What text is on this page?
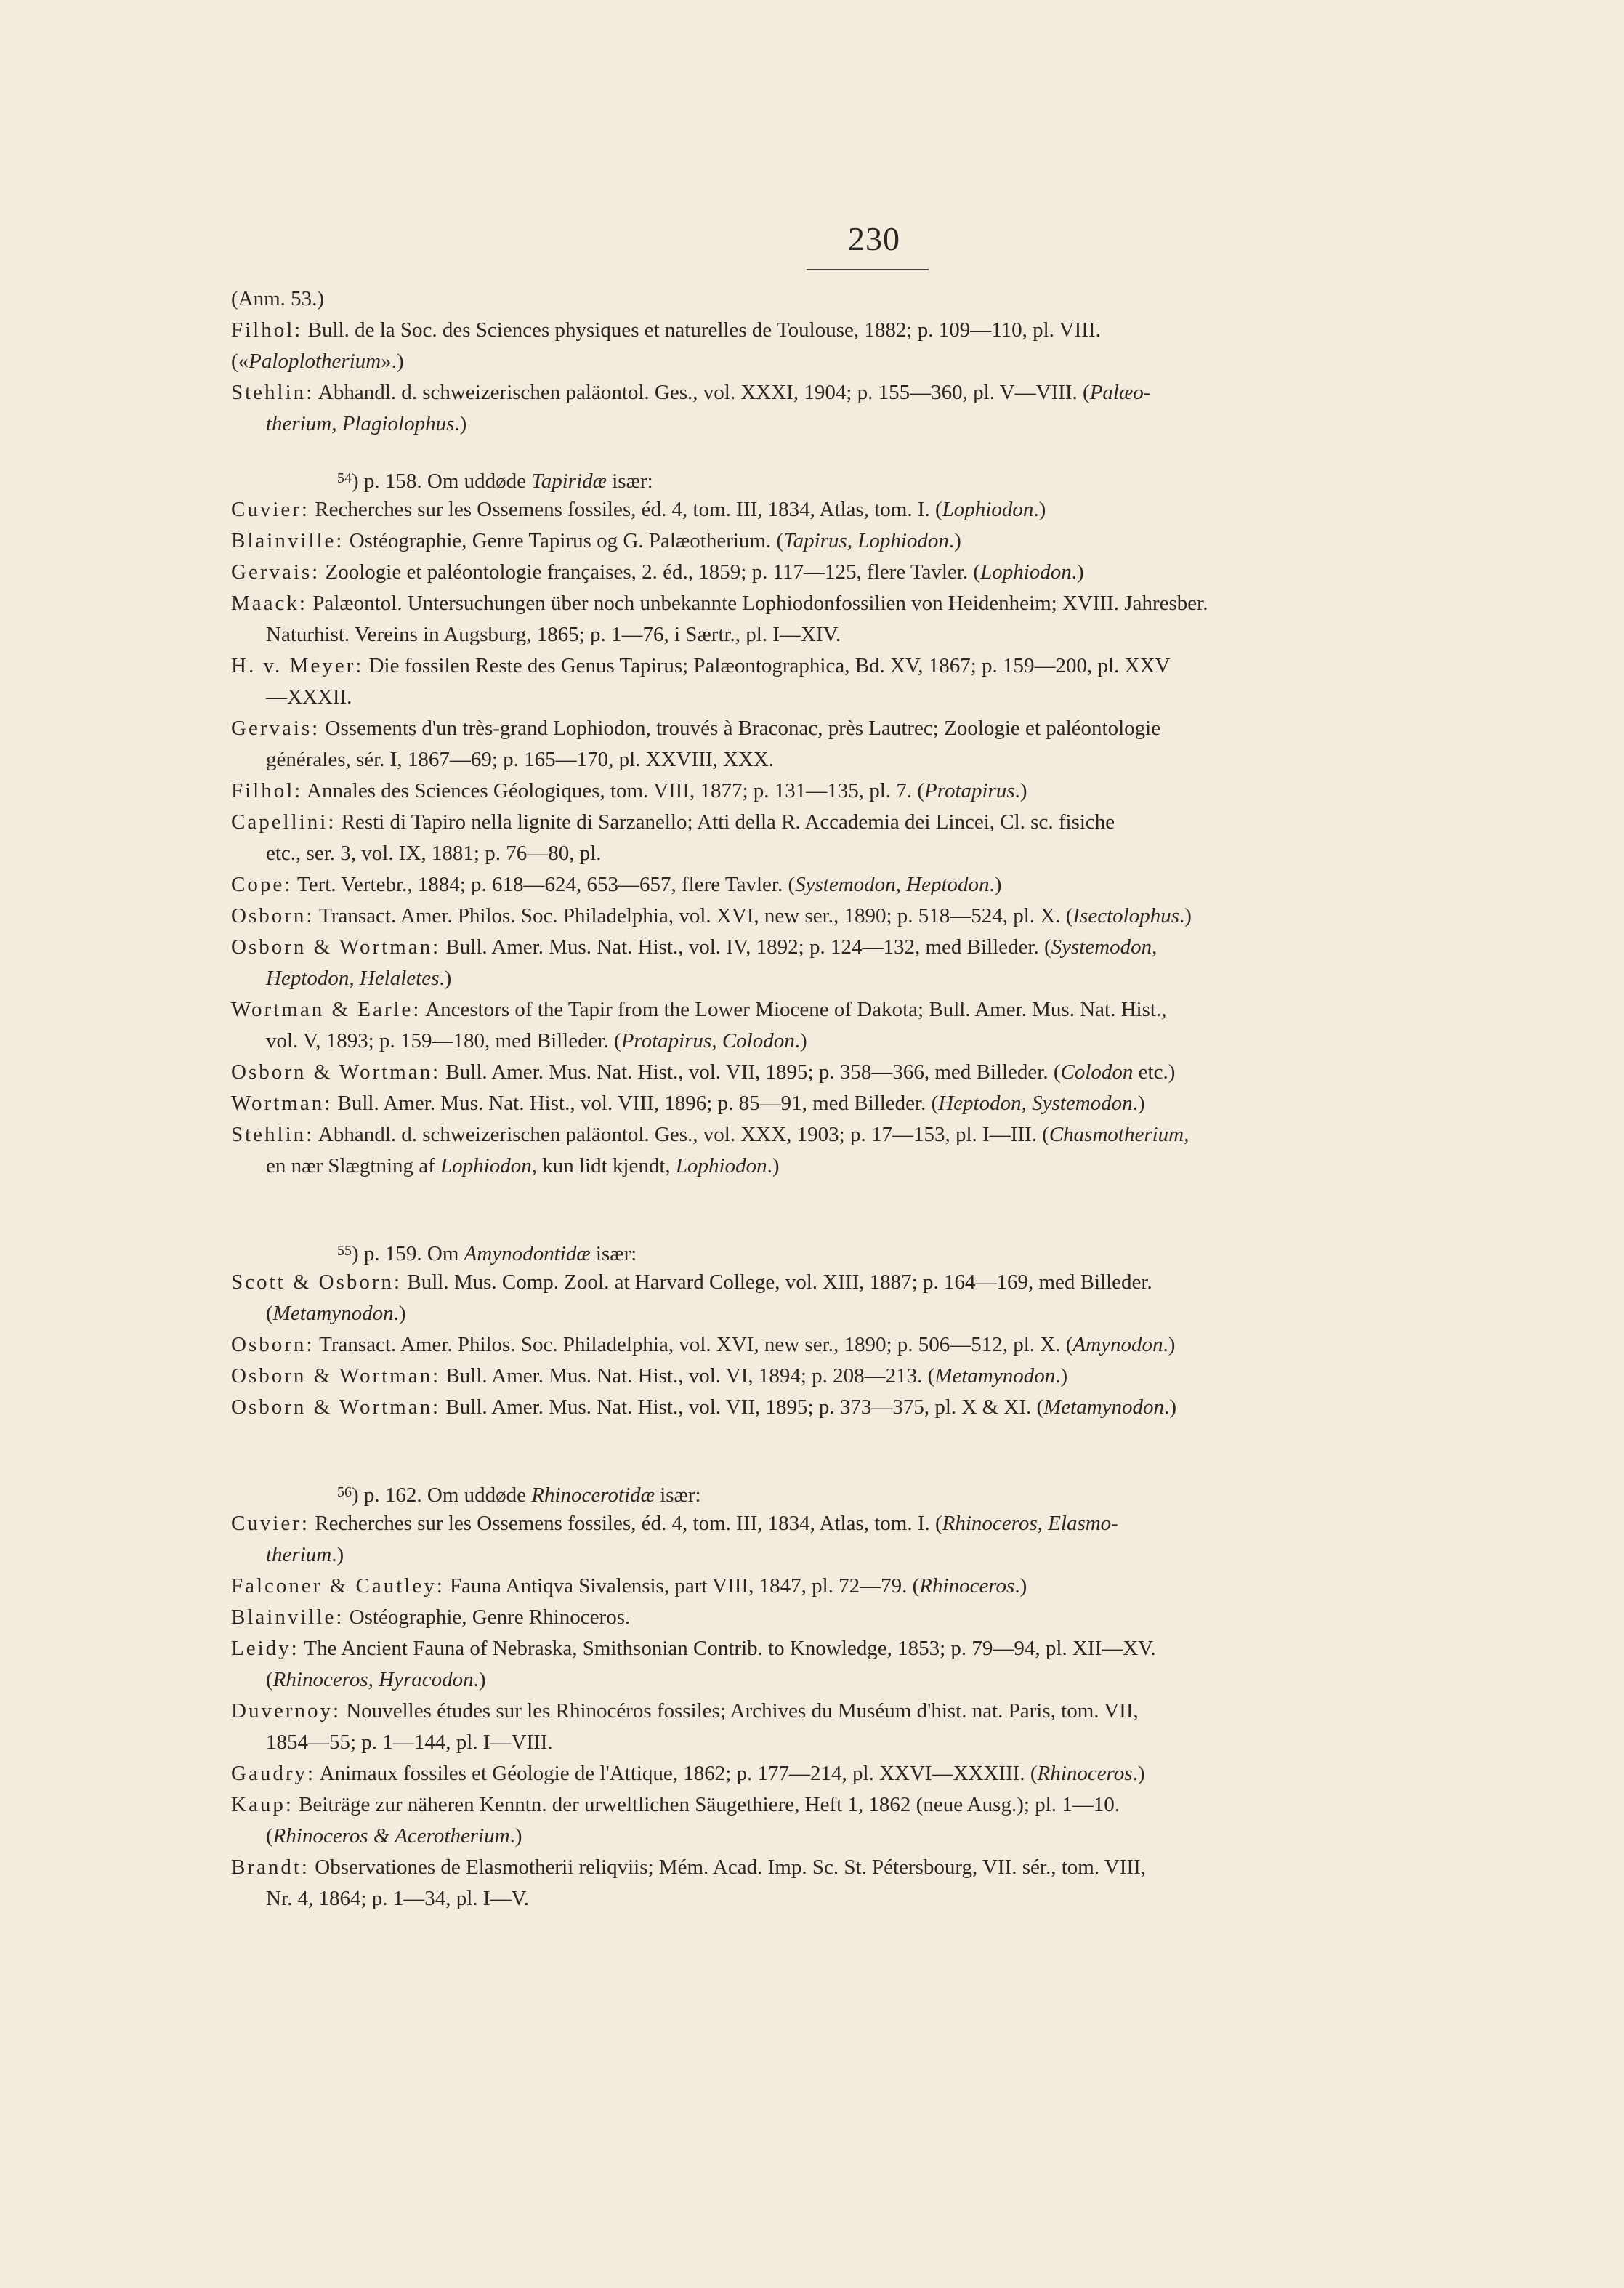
230
(Anm. 53.)
Filhol: Bull. de la Soc. des Sciences physiques et naturelles de Toulouse, 1882; p. 109—110, pl. VIII.
(«Paloplotherium».)
Stehlin: Abhandl. d. schweizerischen paläontol. Ges., vol. XXXI, 1904; p. 155—360, pl. V—VIII. (Palæo-
therium, Plagiolophus.)
$^{54}$) p. 158. Om uddøde Tapiridæ især:
Cuvier: Recherches sur les Ossemens fossiles, éd. 4, tom. III, 1834, Atlas, tom. I. (Lophiodon.)
Blainville: Ostéographie, Genre Tapirus og G. Palæotherium. (Tapirus, Lophiodon.)
Gervais: Zoologie et paléontologie françaises, 2. éd., 1859; p. 117—125, flere Tavler. (Lophiodon.)
Maack: Palæontol. Untersuchungen über noch unbekannte Lophiodonfossilien von Heidenheim; XVIII. Jahresber.
Naturhist. Vereins in Augsburg, 1865; p. 1—76, i Særtr., pl. I—XIV.
H. v. Meyer: Die fossilen Reste des Genus Tapirus; Palæontographica, Bd. XV, 1867; p. 159—200, pl. XXV
—XXXII.
Gervais: Ossements d'un très-grand Lophiodon, trouvés à Braconac, près Lautrec; Zoologie et paléontologie
générales, sér. I, 1867—69; p. 165—170, pl. XXVIII, XXX.
Filhol: Annales des Sciences Géologiques, tom. VIII, 1877; p. 131—135, pl. 7. (Protapirus.)
Capellini: Resti di Tapiro nella lignite di Sarzanello; Atti della R. Accademia dei Lincei, Cl. sc. fisiche
etc., ser. 3, vol. IX, 1881; p. 76—80, pl.
Cope: Tert. Vertebr., 1884; p. 618—624, 653—657, flere Tavler. (Systemodon, Heptodon.)
Osborn: Transact. Amer. Philos. Soc. Philadelphia, vol. XVI, new ser., 1890; p. 518—524, pl. X. (Isectolophus.)
Osborn & Wortman: Bull. Amer. Mus. Nat. Hist., vol. IV, 1892; p. 124—132, med Billeder. (Systemodon,
Heptodon, Helaletes.)
Wortman & Earle: Ancestors of the Tapir from the Lower Miocene of Dakota; Bull. Amer. Mus. Nat. Hist.,
vol. V, 1893; p. 159—180, med Billeder. (Protapirus, Colodon.)
Osborn & Wortman: Bull. Amer. Mus. Nat. Hist., vol. VII, 1895; p. 358—366, med Billeder. (Colodon etc.)
Wortman: Bull. Amer. Mus. Nat. Hist., vol. VIII, 1896; p. 85—91, med Billeder. (Heptodon, Systemodon.)
Stehlin: Abhandl. d. schweizerischen paläontol. Ges., vol. XXX, 1903; p. 17—153, pl. I—III. (Chasmotherium,
en nær Slægtning af Lophiodon, kun lidt kjendt, Lophiodon.)
$^{55}$) p. 159. Om Amynodontidæ især:
Scott & Osborn: Bull. Mus. Comp. Zool. at Harvard College, vol. XIII, 1887; p. 164—169, med Billeder.
(Metamynodon.)
Osborn: Transact. Amer. Philos. Soc. Philadelphia, vol. XVI, new ser., 1890; p. 506—512, pl. X. (Amynodon.)
Osborn & Wortman: Bull. Amer. Mus. Nat. Hist., vol. VI, 1894; p. 208—213. (Metamynodon.)
Osborn & Wortman: Bull. Amer. Mus. Nat. Hist., vol. VII, 1895; p. 373—375, pl. X & XI. (Metamynodon.)
$^{56}$) p. 162. Om uddøde Rhinocerotidæ især:
Cuvier: Recherches sur les Ossemens fossiles, éd. 4, tom. III, 1834, Atlas, tom. I. (Rhinoceros, Elasmo-
therium.)
Falconer & Cautley: Fauna Antiqva Sivalensis, part VIII, 1847, pl. 72—79. (Rhinoceros.)
Blainville: Ostéographie, Genre Rhinoceros.
Leidy: The Ancient Fauna of Nebraska, Smithsonian Contrib. to Knowledge, 1853; p. 79—94, pl. XII—XV.
(Rhinoceros, Hyracodon.)
Duvernoy: Nouvelles études sur les Rhinocéros fossiles; Archives du Muséum d'hist. nat. Paris, tom. VII,
1854—55; p. 1—144, pl. I—VIII.
Gaudry: Animaux fossiles et Géologie de l'Attique, 1862; p. 177—214, pl. XXVI—XXXIII. (Rhinoceros.)
Kaup: Beiträge zur näheren Kenntn. der urweltlichen Säugethiere, Heft 1, 1862 (neue Ausg.); pl. 1—10.
(Rhinoceros & Acerotherium.)
Brandt: Observationes de Elasmotherii reliqviis; Mém. Acad. Imp. Sc. St. Pétersbourg, VII. sér., tom. VIII,
Nr. 4, 1864; p. 1—34, pl. I—V.
